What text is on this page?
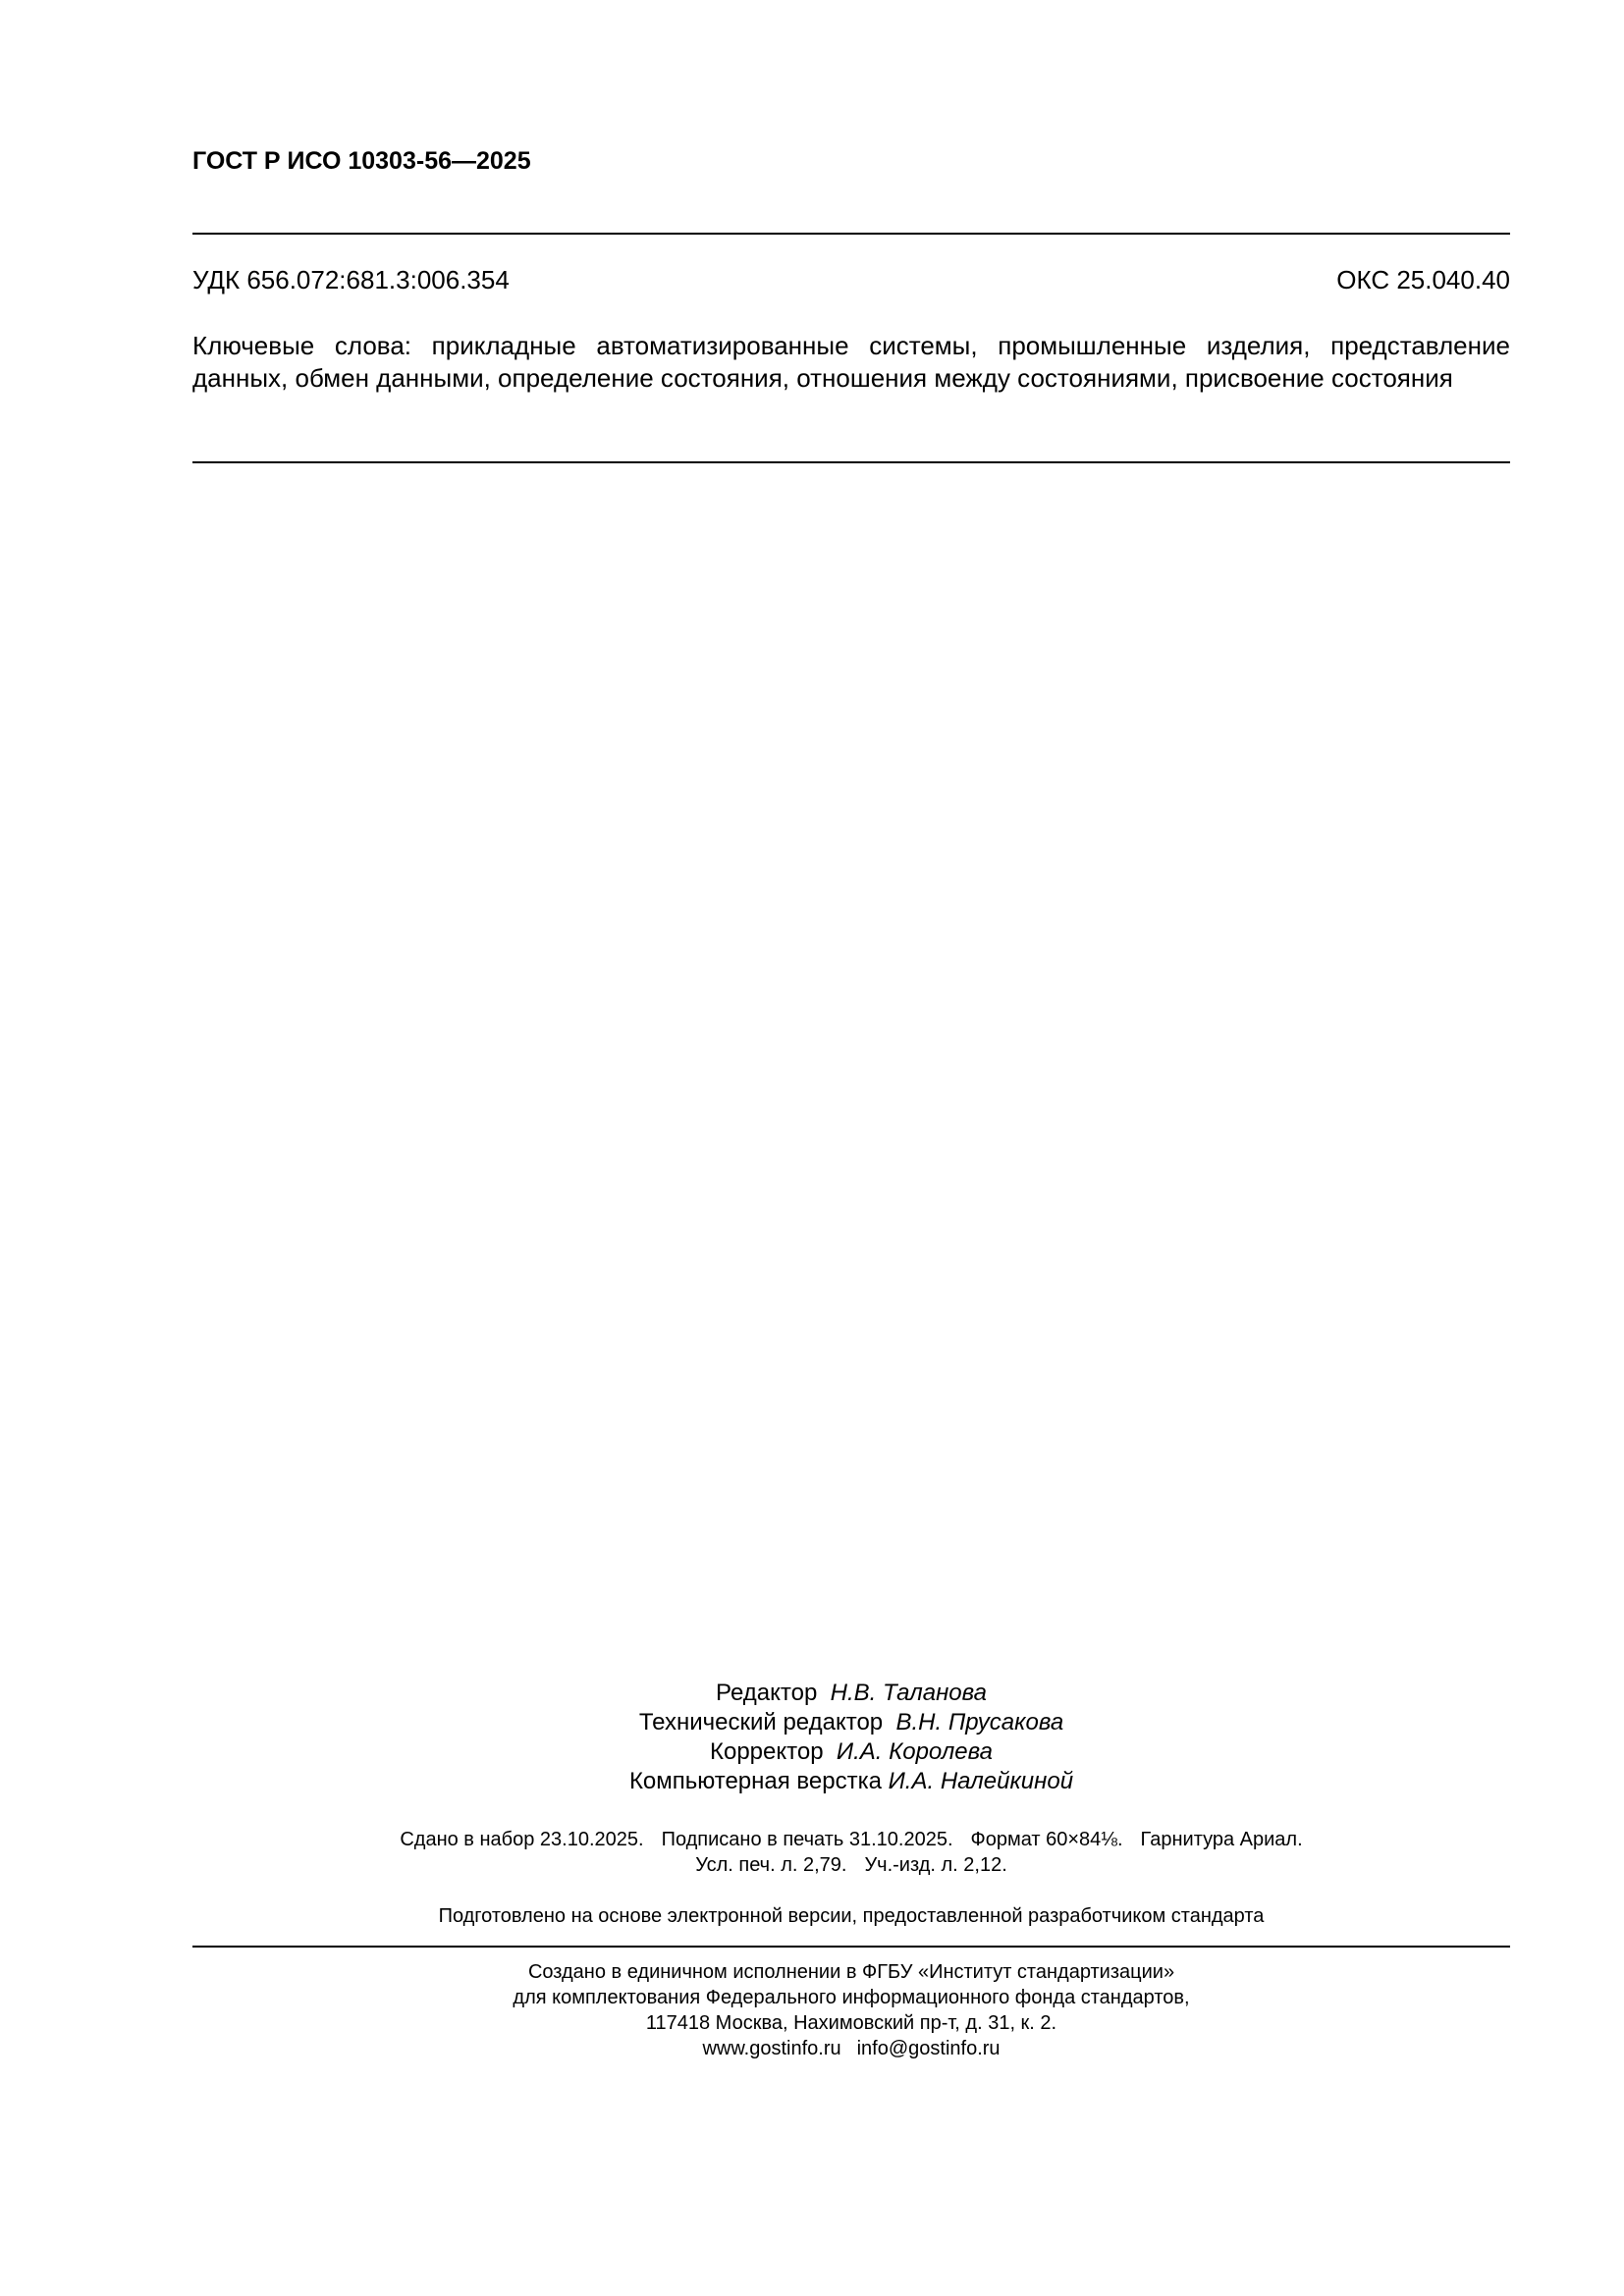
ГОСТ Р ИСО 10303-56—2025
УДК 656.072:681.3:006.354	ОКС 25.040.40
Ключевые слова: прикладные автоматизированные системы, промышленные изделия, представление данных, обмен данными, определение состояния, отношения между состояниями, присвоение состояния
Редактор Н.В. Таланова
Технический редактор В.Н. Прусакова
Корректор И.А. Королева
Компьютерная верстка И.А. Налейкиной
Сдано в набор 23.10.2025. Подписано в печать 31.10.2025. Формат 60×84⅛. Гарнитура Ариал.
Усл. печ. л. 2,79. Уч.-изд. л. 2,12.
Подготовлено на основе электронной версии, предоставленной разработчиком стандарта
Создано в единичном исполнении в ФГБУ «Институт стандартизации»
для комплектования Федерального информационного фонда стандартов,
117418 Москва, Нахимовский пр-т, д. 31, к. 2.
www.gostinfo.ru info@gostinfo.ru
